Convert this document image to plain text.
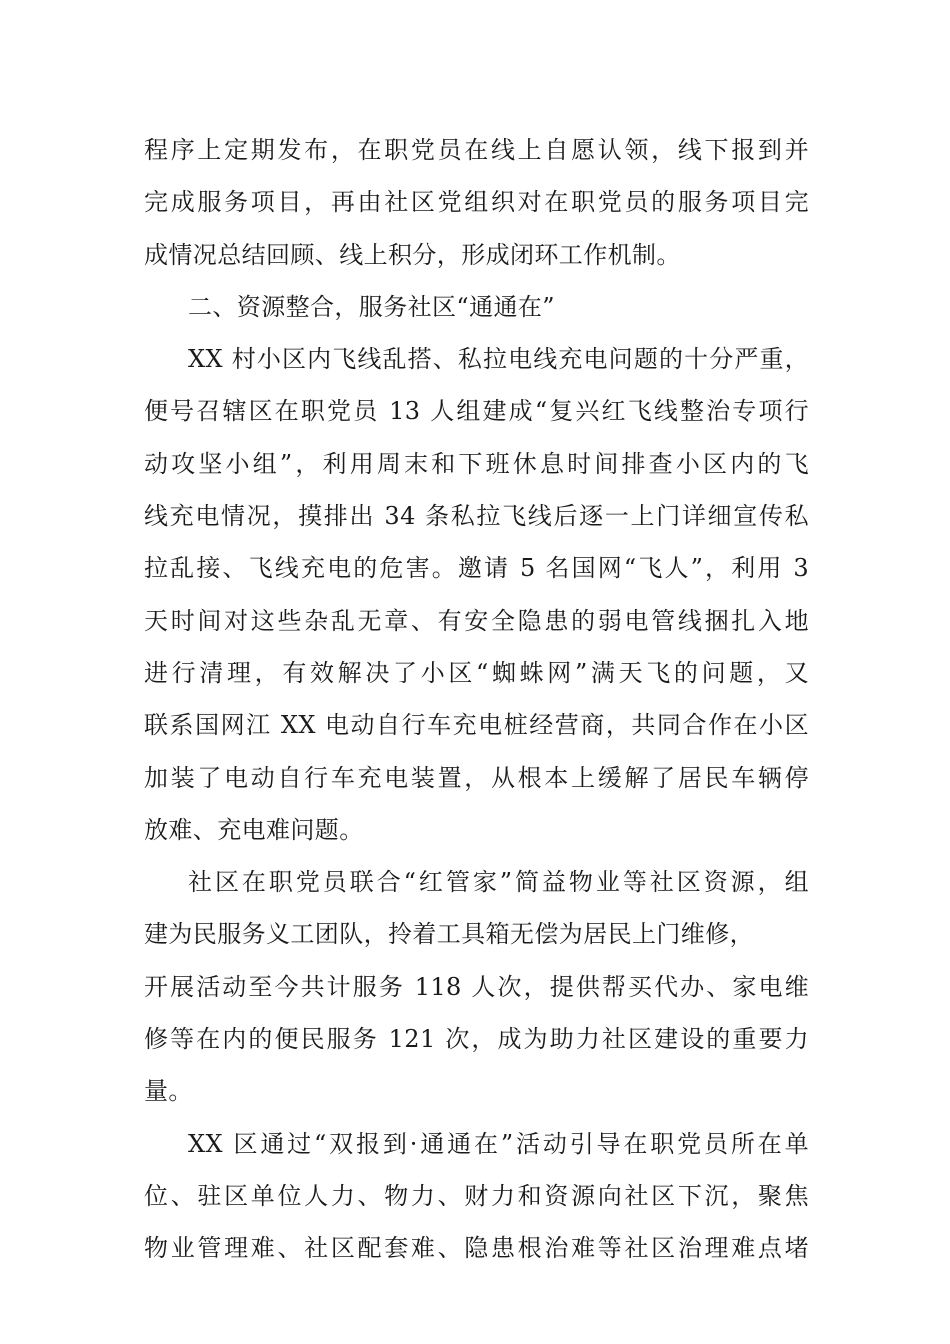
程序上定期发布，在职党员在线上自愿认领，线下报到并
完成服务项目，再由社区党组织对在职党员的服务项目完
成情况总结回顾、线上积分，形成闭环工作机制。
二、资源整合，服务社区“通通在”
XX 村小区内飞线乱搭、私拉电线充电问题的十分严重，
便号召辖区在职党员 13 人组建成“复兴红飞线整治专项行
动攻坚小组”，利用周末和下班休息时间排查小区内的飞
线充电情况，摸排出 34 条私拉飞线后逐一上门详细宣传私
拉乱接、飞线充电的危害。邀请 5 名国网“飞人”，利用 3
天时间对这些杂乱无章、有安全隐患的弱电管线捆扎入地
进行清理，有效解决了小区“蜘蛛网”满天飞的问题，又
联系国网江 XX 电动自行车充电桩经营商，共同合作在小区
加装了电动自行车充电装置，从根本上缓解了居民车辆停
放难、充电难问题。
社区在职党员联合“红管家”简益物业等社区资源，组
建为民服务义工团队，拎着工具箱无偿为居民上门维修，
开展活动至今共计服务 118 人次，提供帮买代办、家电维
修等在内的便民服务 121 次，成为助力社区建设的重要力
量。
XX 区通过“双报到·通通在”活动引导在职党员所在单
位、驻区单位人力、物力、财力和资源向社区下沉，聚焦
物业管理难、社区配套难、隐患根治难等社区治理难点堵
